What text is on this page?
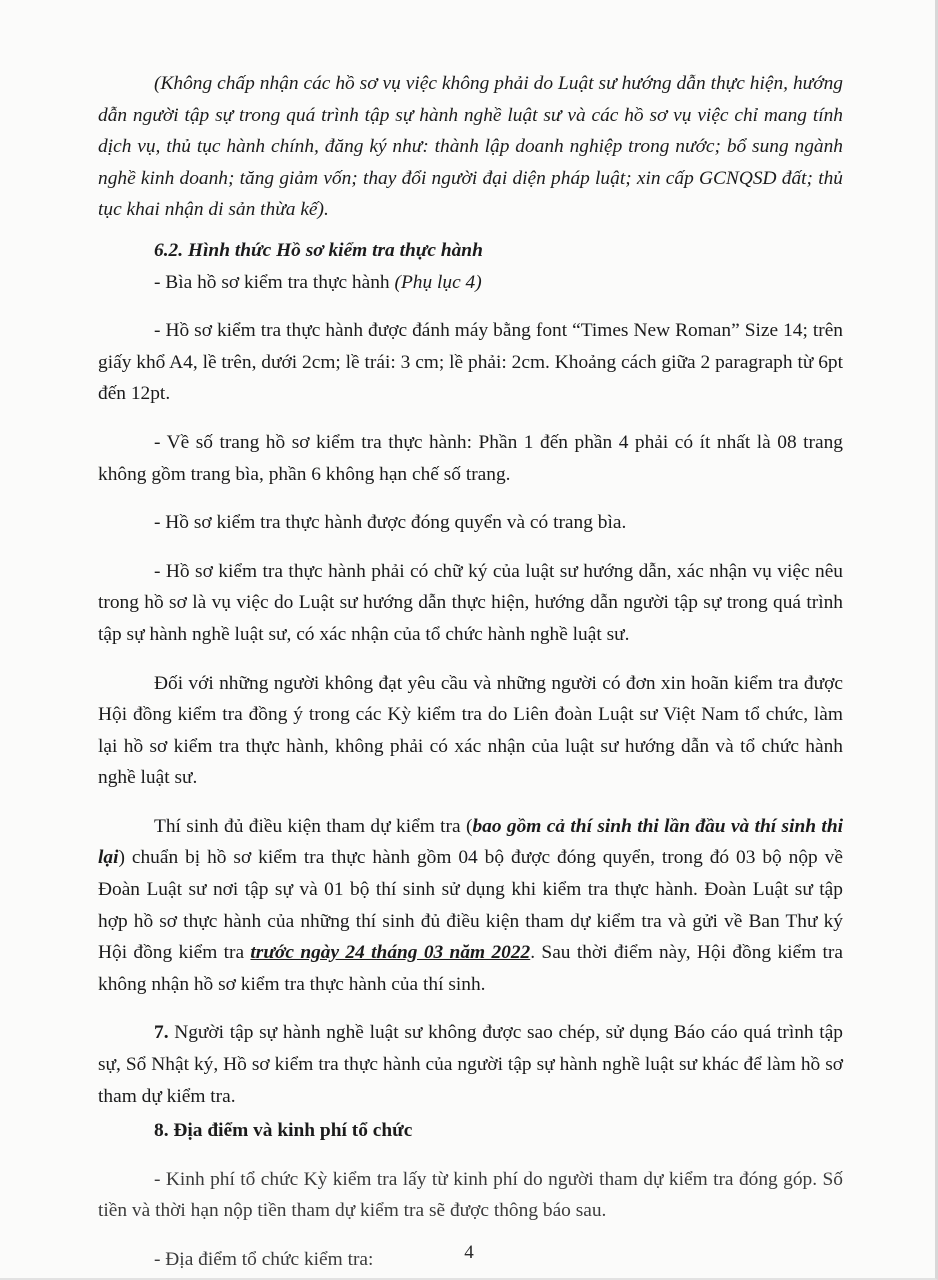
(Không chấp nhận các hồ sơ vụ việc không phải do Luật sư hướng dẫn thực hiện, hướng dẫn người tập sự trong quá trình tập sự hành nghề luật sư và các hồ sơ vụ việc chỉ mang tính dịch vụ, thủ tục hành chính, đăng ký như: thành lập doanh nghiệp trong nước; bổ sung ngành nghề kinh doanh; tăng giảm vốn; thay đổi người đại diện pháp luật; xin cấp GCNQSD đất; thủ tục khai nhận di sản thừa kế).

6.2. Hình thức Hồ sơ kiểm tra thực hành

- Bìa hồ sơ kiểm tra thực hành (Phụ lục 4)

- Hồ sơ kiểm tra thực hành được đánh máy bằng font “Times New Roman” Size 14; trên giấy khổ A4, lề trên, dưới 2cm; lề trái: 3 cm; lề phải: 2cm. Khoảng cách giữa 2 paragraph từ 6pt đến 12pt.

- Về số trang hồ sơ kiểm tra thực hành: Phần 1 đến phần 4 phải có ít nhất là 08 trang không gồm trang bìa, phần 6 không hạn chế số trang.

- Hồ sơ kiểm tra thực hành được đóng quyển và có trang bìa.

- Hồ sơ kiểm tra thực hành phải có chữ ký của luật sư hướng dẫn, xác nhận vụ việc nêu trong hồ sơ là vụ việc do Luật sư hướng dẫn thực hiện, hướng dẫn người tập sự trong quá trình tập sự hành nghề luật sư, có xác nhận của tổ chức hành nghề luật sư.

Đối với những người không đạt yêu cầu và những người có đơn xin hoãn kiểm tra được Hội đồng kiểm tra đồng ý trong các Kỳ kiểm tra do Liên đoàn Luật sư Việt Nam tổ chức, làm lại hồ sơ kiểm tra thực hành, không phải có xác nhận của luật sư hướng dẫn và tổ chức hành nghề luật sư.

Thí sinh đủ điều kiện tham dự kiểm tra (bao gồm cả thí sinh thi lần đầu và thí sinh thi lại) chuẩn bị hồ sơ kiểm tra thực hành gồm 04 bộ được đóng quyển, trong đó 03 bộ nộp về Đoàn Luật sư nơi tập sự và 01 bộ thí sinh sử dụng khi kiểm tra thực hành. Đoàn Luật sư tập hợp hồ sơ thực hành của những thí sinh đủ điều kiện tham dự kiểm tra và gửi về Ban Thư ký Hội đồng kiểm tra trước ngày 24 tháng 03 năm 2022. Sau thời điểm này, Hội đồng kiểm tra không nhận hồ sơ kiểm tra thực hành của thí sinh.

7. Người tập sự hành nghề luật sư không được sao chép, sử dụng Báo cáo quá trình tập sự, Sổ Nhật ký, Hồ sơ kiểm tra thực hành của người tập sự hành nghề luật sư khác để làm hồ sơ tham dự kiểm tra.

8. Địa điểm và kinh phí tổ chức

- Kinh phí tổ chức Kỳ kiểm tra lấy từ kinh phí do người tham dự kiểm tra đóng góp. Số tiền và thời hạn nộp tiền tham dự kiểm tra sẽ được thông báo sau.

- Địa điểm tổ chức kiểm tra:	4
